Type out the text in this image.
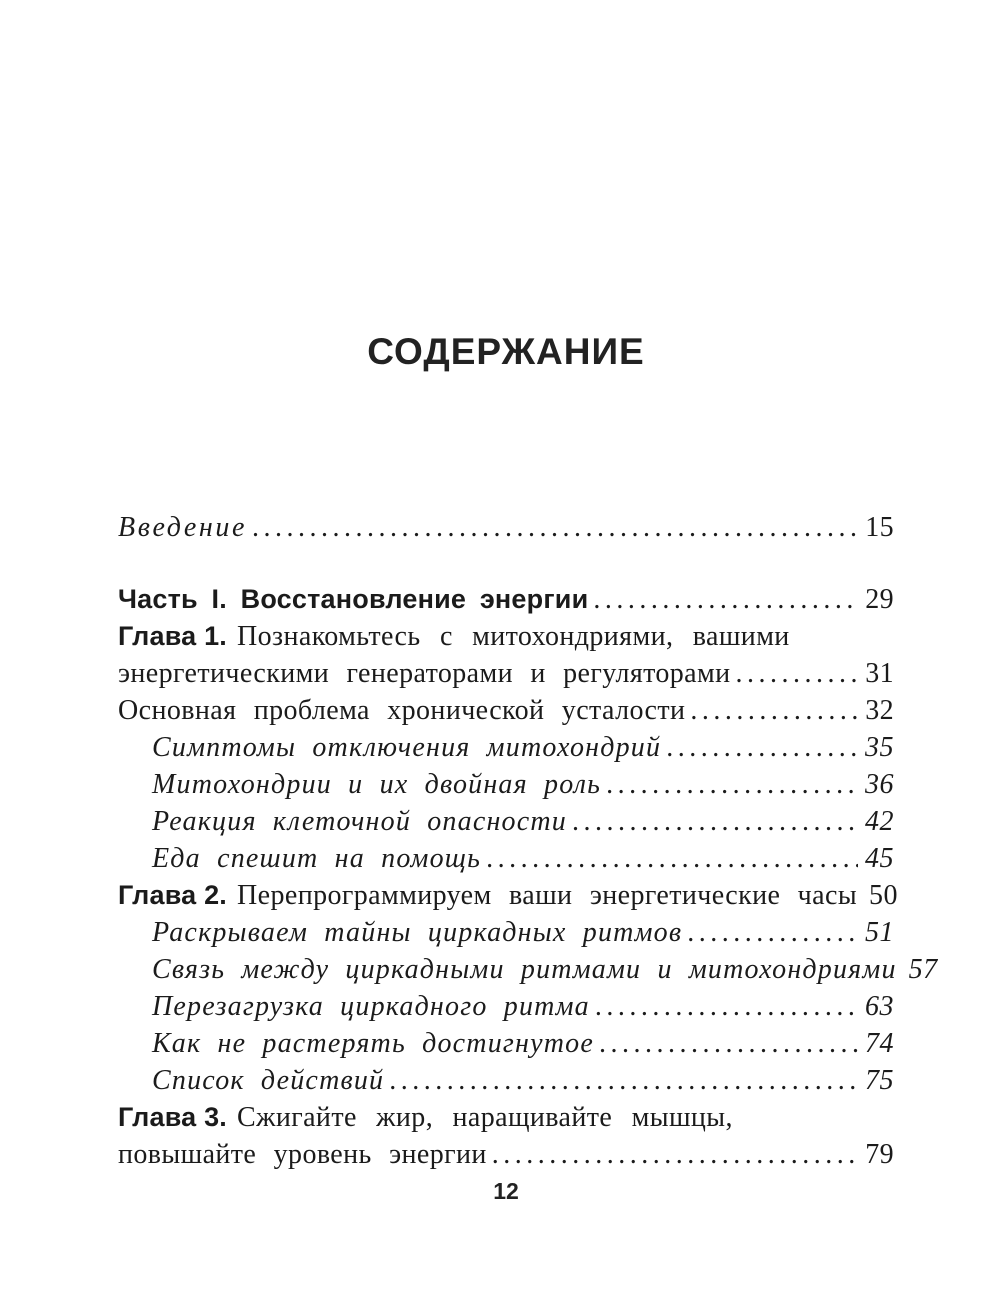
СОДЕРЖАНИЕ
Введение .....	15
Часть I. Восстановление энергии .....	29
Глава 1. Познакомьтесь с митохондриями, вашими
энергетическими генераторами и регуляторами .....	31
Основная проблема хронической усталости .....	32
Симптомы отключения митохондрий .....	35
Митохондрии и их двойная роль .....	36
Реакция клеточной опасности .....	42
Еда спешит на помощь .....	45
Глава 2. Перепрограммируем ваши энергетические часы ..... 50
Раскрываем тайны циркадных ритмов .....	51
Связь между циркадными ритмами и митохондриями ..... 57
Перезагрузка циркадного ритма .....	63
Как не растерять достигнутое .....	74
Список действий .....	75
Глава 3. Сжигайте жир, наращивайте мышцы,
повышайте уровень энергии .....	79
12
